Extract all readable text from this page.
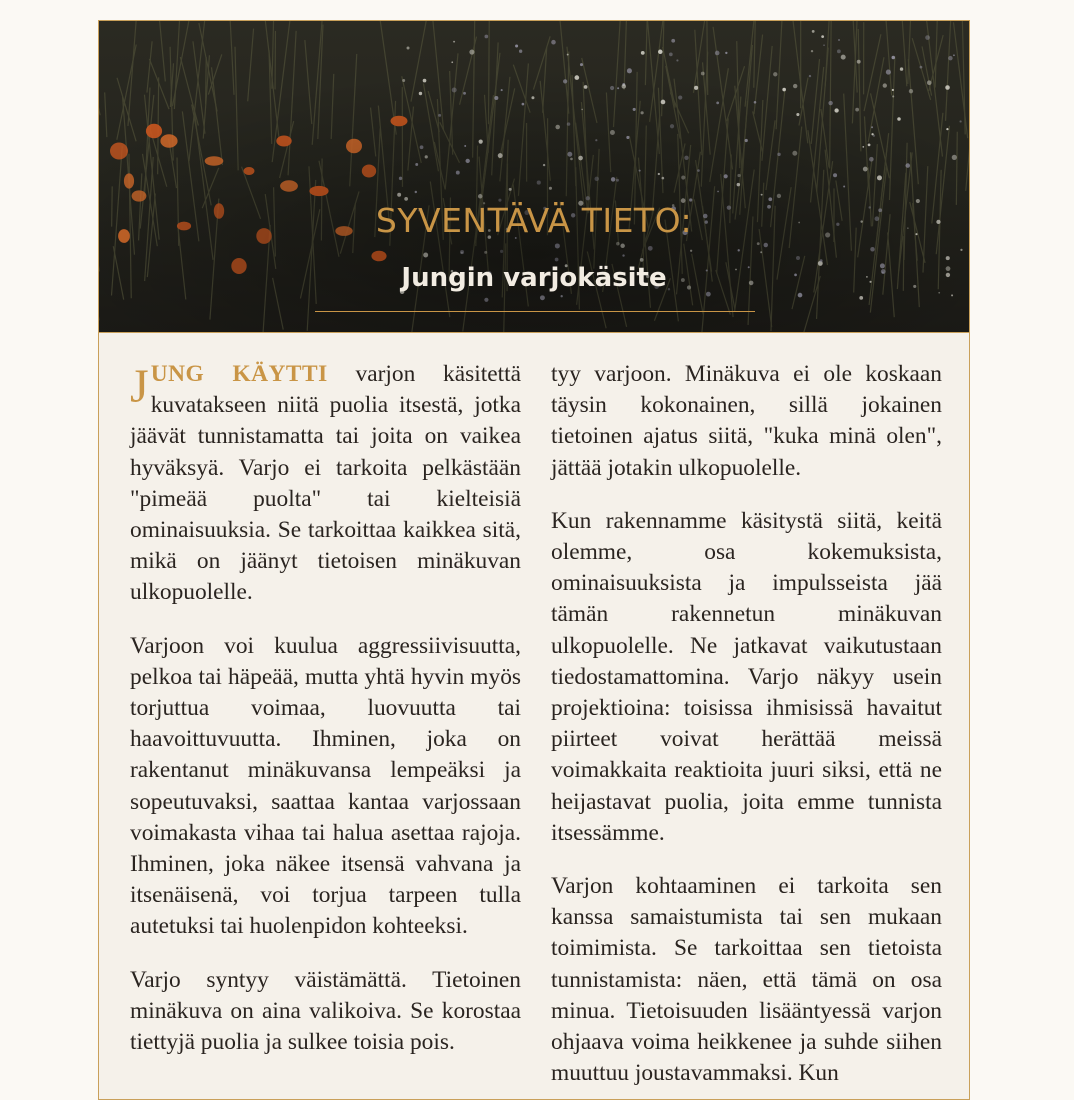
SYVENTÄVÄ TIETO:
Jungin varjokäsite

JUNG KÄYTTI varjon käsitettä kuvatakseen niitä puolia itsestä, jotka jäävät tunnistamatta tai joita on vaikea hyväksyä. Varjo ei tarkoita pelkästään "pimeää puolta" tai kielteisiä ominaisuuksia. Se tarkoittaa kaikkea sitä, mikä on jäänyt tietoisen minäkuvan ulkopuolelle.

Varjoon voi kuulua aggressiivisuutta, pelkoa tai häpeää, mutta yhtä hyvin myös torjuttua voimaa, luovuutta tai haavoittuvuutta. Ihminen, joka on rakentanut minäkuvansa lempeäksi ja sopeutuvaksi, saattaa kantaa varjossaan voimakasta vihaa tai halua asettaa rajoja. Ihminen, joka näkee itsensä vahvana ja itsenäisenä, voi torjua tarpeen tulla autetuksi tai huolenpidon kohteeksi.

Varjo syntyy väistämättä. Tietoinen minäkuva on aina valikoiva. Se korostaa tiettyjä puolia ja sulkee toisia pois.

tyy varjoon. Minäkuva ei ole koskaan täysin kokonainen, sillä jokainen tietoinen ajatus siitä, "kuka minä olen", jättää jotakin ulkopuolelle.

Kun rakennamme käsitystä siitä, keitä olemme, osa kokemuksista, ominaisuuksista ja impulsseista jää tämän rakennetun minäkuvan ulkopuolelle. Ne jatkavat vaikutustaan tiedostamattomina. Varjo näkyy usein projektioina: toisissa ihmisissä havaitut piirteet voivat herättää meissä voimakkaita reaktioita juuri siksi, että ne heijastavat puolia, joita emme tunnista itsessämme.

Varjon kohtaaminen ei tarkoita sen kanssa samaistumista tai sen mukaan toimimista. Se tarkoittaa sen tietoista tunnistamista: näen, että tämä on osa minua. Tietoisuuden lisääntyessä varjon ohjaava voima heikkenee ja suhde siihen muuttuu joustavammaksi. Kun
